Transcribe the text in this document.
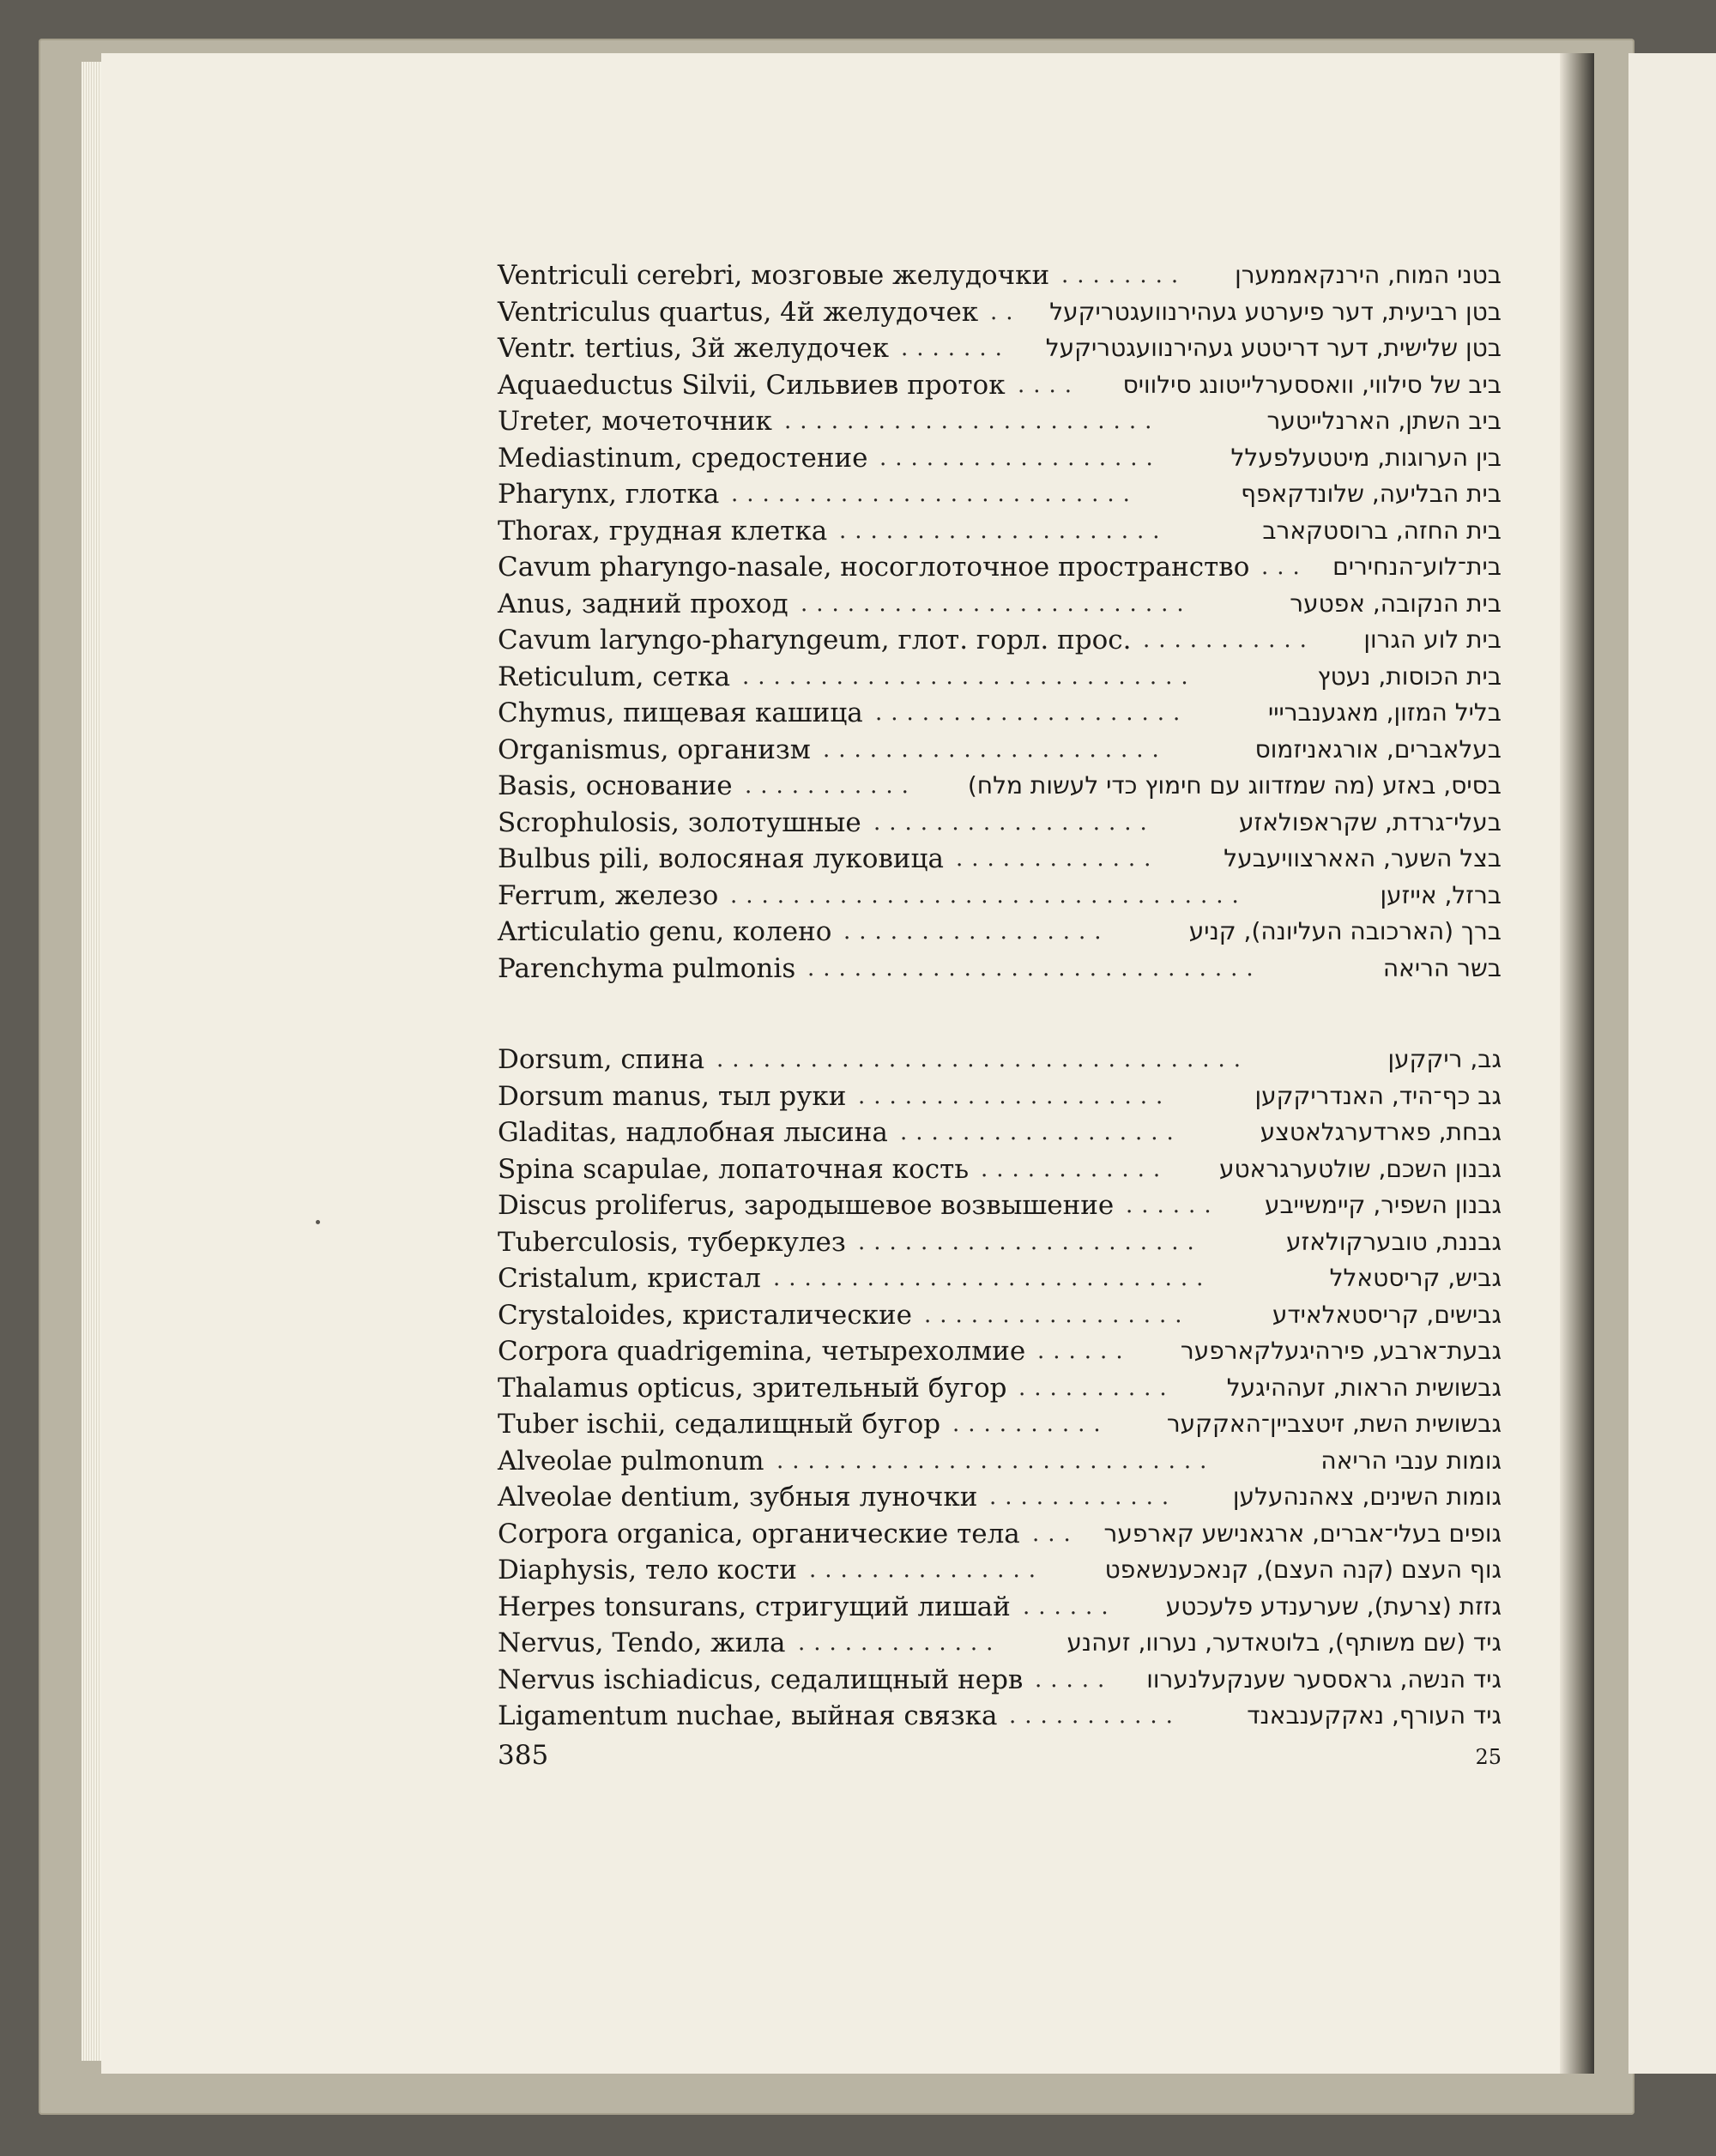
Ventriculi cerebri, мозговые желудочки ........ בטני המוח, הירנקאממערן
Ventriculus quartus, 4й желудочек .. בטן רביעית, דער פיערטע געהירנוועגטריקעל
Ventr. tertius, 3й желудочек ....... בטן שלישית, דער דריטטע געהירנוועגטריקעל
Aquaeductus Silvii, Сильвиев проток .... ביב של סילווי, וואססערלייטונג סילוויס
Ureter, мочеточник ........................	ביב השתן, הארנלייטער
Mediastinum, средостение ..................	בין הערוגות, מיטטעלפעלל
Pharynx, глотка ..........................	בית הבליעה, שלונדקאפף
Thorax, грудная клетка .....................	בית החזה, ברוסטקארב
Cavum pharyngo-nasale, носоглоточное пространство ... בית־לוע־הנחירים
Anus, задний проход .........................	בית הנקובה, אפטער
Cavum laryngo-pharyngeum, глот. горл. прос. ........... בית לוע הגרון
Reticulum, сетка .............................	בית הכוסות, נעטץ
Chymus, пищевая кашица ....................	בליל המזון, מאגענברייי
Organismus, организм ......................	בעלאברים, אורגאניזמוס
Basis, основание ........... בסיס, באזע (מה שמזדווג עם חימוץ כדי לעשות מלח)
Scrophulosis, золотушные ..................	בעלי־גרדת, שקראפולאזע
Bulbus pili, волосяная луковица .............	בצל השער, האארצוויעבעל
Ferrum, железо .................................	ברזל, אייזען
Articulatio genu, колено .................	ברך (הארכובה העליונה), קניע
Parenchyma pulmonis .............................	בשר הריאה
Dorsum, спина ..................................	גב, ריקקען
Dorsum manus, тыл руки ....................	גב כף־היד, האנדריקקען
Gladitas, надлобная лысина ..................	גבחת, פארדערגלאטצע
Spina scapulae, лопаточная кость ............ גבנון השכם, שולטערגראטע
Discus proliferus, зародышевое возвышение ...... גבנון השפיר, קיימשייבע
Tuberculosis, туберкулез ......................	גבננת, טובערקולאזע
Cristalum, кристал ............................	גביש, קריסטאלל
Crystaloides, кристалические .................	גבישים, קריסטאלאידע
Corpora quadrigemina, четырехолмие ...... גבעת־ארבע, פירהיגעלקארפער
Thalamus opticus, зрительный бугор .......... גבשושית הראות, זעההיגעל
Tuber ischii, седалищный бугор .......... גבשושית השת, זיטצביין־האקקער
Alveolae pulmonum ............................	גומות ענבי הריאה
Alveolae dentium, зубныя луночки ............ גומות השינים, צאהנהעלען
Corpora organica, органические тела ... גופים בעלי־אברים, ארגאנישע קארפער
Diaphysis, тело кости ...............	גוף העצם (קנה העצם), קנאכענשאפט
Herpes tonsurans, стригущий лишай ...... גזזת (צרעת), שערענדע פלעכטע
Nervus, Tendo, жила .............	גיד (שם משותף), בלוטאדער, נערוו, זעהנע
Nervus ischiadicus, седалищный нерв ..... גיד הנשה, גראססער שענקעלנערוו
Ligamentum nuchae, выйная связка ...........	גיד העורף, נאקקענבאנד
385	25
